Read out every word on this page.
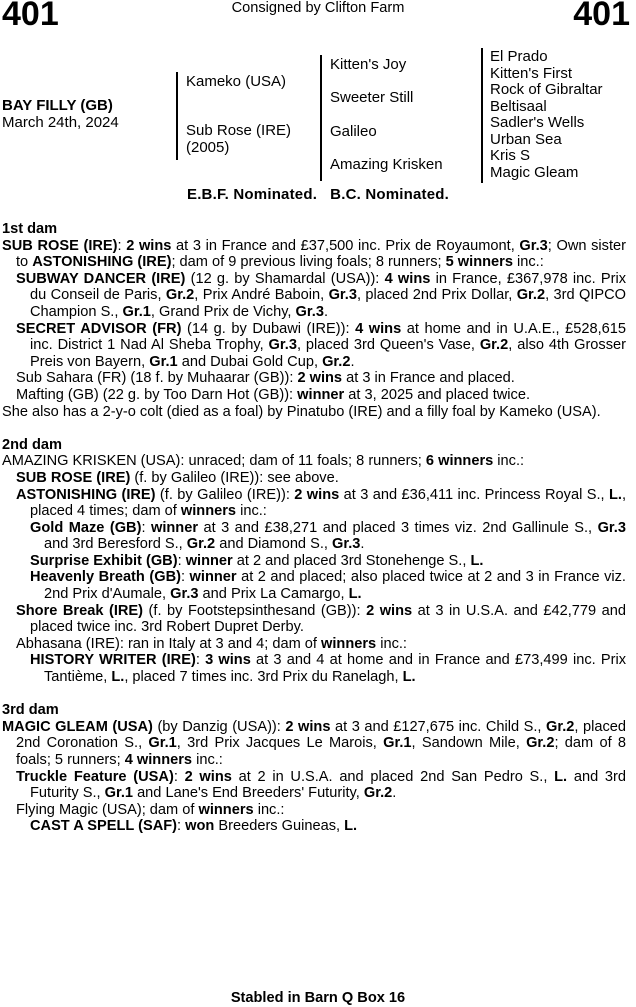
401	Consigned by Clifton Farm	401
BAY FILLY (GB)
March 24th, 2024
Kameko (USA)
Sub Rose (IRE)
(2005)
Kitten's Joy
Sweeter Still
Galileo
Amazing Krisken
El Prado
Kitten's First
Rock of Gibraltar
Beltisaal
Sadler's Wells
Urban Sea
Kris S
Magic Gleam
E.B.F. Nominated.   B.C. Nominated.
1st dam
SUB ROSE (IRE): 2 wins at 3 in France and £37,500 inc. Prix de Royaumont, Gr.3; Own sister to ASTONISHING (IRE); dam of 9 previous living foals; 8 runners; 5 winners inc.:
SUBWAY DANCER (IRE) (12 g. by Shamardal (USA)): 4 wins in France, £367,978 inc. Prix du Conseil de Paris, Gr.2, Prix André Baboin, Gr.3, placed 2nd Prix Dollar, Gr.2, 3rd QIPCO Champion S., Gr.1, Grand Prix de Vichy, Gr.3.
SECRET ADVISOR (FR) (14 g. by Dubawi (IRE)): 4 wins at home and in U.A.E., £528,615 inc. District 1 Nad Al Sheba Trophy, Gr.3, placed 3rd Queen's Vase, Gr.2, also 4th Grosser Preis von Bayern, Gr.1 and Dubai Gold Cup, Gr.2.
Sub Sahara (FR) (18 f. by Muhaarar (GB)): 2 wins at 3 in France and placed.
Mafting (GB) (22 g. by Too Darn Hot (GB)): winner at 3, 2025 and placed twice.
She also has a 2-y-o colt (died as a foal) by Pinatubo (IRE) and a filly foal by Kameko (USA).
2nd dam
AMAZING KRISKEN (USA): unraced; dam of 11 foals; 8 runners; 6 winners inc.:
SUB ROSE (IRE) (f. by Galileo (IRE)): see above.
ASTONISHING (IRE) (f. by Galileo (IRE)): 2 wins at 3 and £36,411 inc. Princess Royal S., L., placed 4 times; dam of winners inc.:
Gold Maze (GB): winner at 3 and £38,271 and placed 3 times viz. 2nd Gallinule S., Gr.3 and 3rd Beresford S., Gr.2 and Diamond S., Gr.3.
Surprise Exhibit (GB): winner at 2 and placed 3rd Stonehenge S., L.
Heavenly Breath (GB): winner at 2 and placed; also placed twice at 2 and 3 in France viz. 2nd Prix d'Aumale, Gr.3 and Prix La Camargo, L.
Shore Break (IRE) (f. by Footstepsinthesand (GB)): 2 wins at 3 in U.S.A. and £42,779 and placed twice inc. 3rd Robert Dupret Derby.
Abhasana (IRE): ran in Italy at 3 and 4; dam of winners inc.:
HISTORY WRITER (IRE): 3 wins at 3 and 4 at home and in France and £73,499 inc. Prix Tantième, L., placed 7 times inc. 3rd Prix du Ranelagh, L.
3rd dam
MAGIC GLEAM (USA) (by Danzig (USA)): 2 wins at 3 and £127,675 inc. Child S., Gr.2, placed 2nd Coronation S., Gr.1, 3rd Prix Jacques Le Marois, Gr.1, Sandown Mile, Gr.2; dam of 8 foals; 5 runners; 4 winners inc.:
Truckle Feature (USA): 2 wins at 2 in U.S.A. and placed 2nd San Pedro S., L. and 3rd Futurity S., Gr.1 and Lane's End Breeders' Futurity, Gr.2.
Flying Magic (USA); dam of winners inc.:
CAST A SPELL (SAF): won Breeders Guineas, L.
Stabled in Barn Q Box 16
